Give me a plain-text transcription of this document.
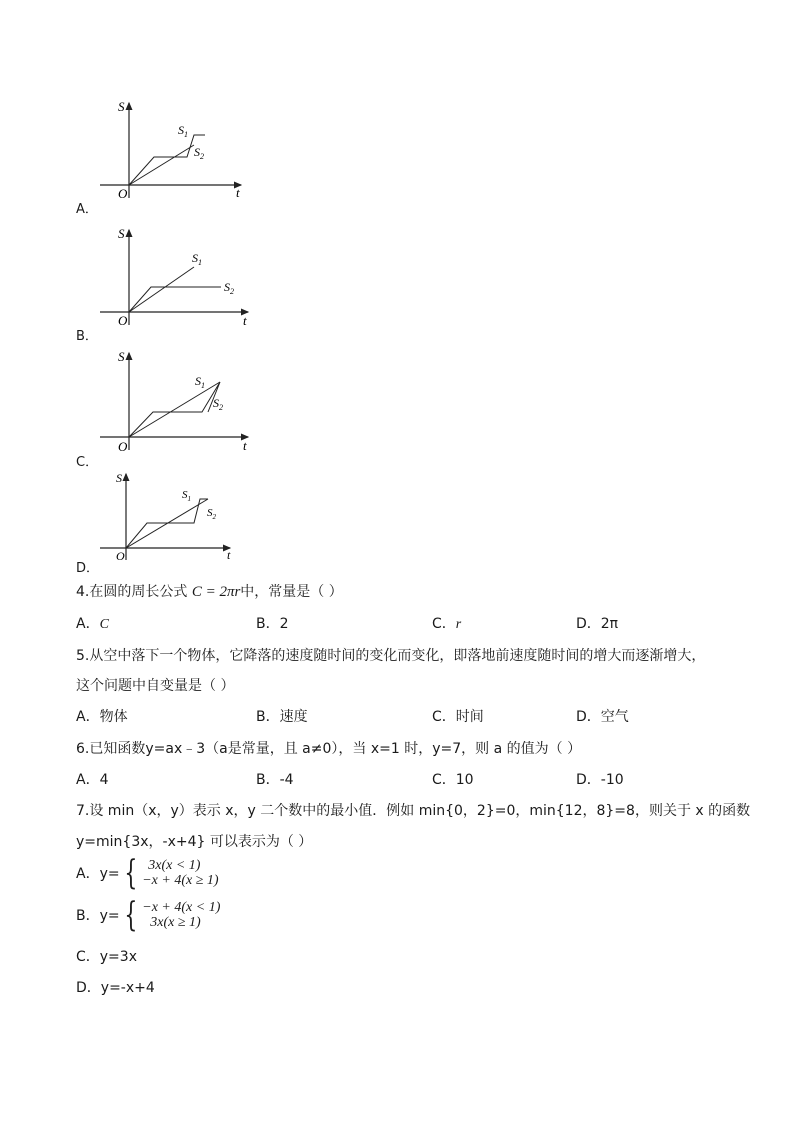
A．
S
t
O
$S_1$
$S_2$
B．
S
t
O
$S_1$
$S_2$
C．
S
t
O
$S_1$
$S_2$
D．
S
t
O
$S_1$
$S_2$
4.在圆的周长公式 C = 2πr中，常量是（ ）
A．C	B．2	C．r	D．2π
5.从空中落下一个物体，它降落的速度随时间的变化而变化，即落地前速度随时间的增大而逐渐增大，
这个问题中自变量是（ ）
A．物体	B．速度	C．时间	D．空气
6.已知函数y=ax﹣3（a是常量，且 a≠0），当 x=1 时，y=7，则 a 的值为（ ）
A．4	B．-4	C．10	D．-10
7.设 min（x，y）表示 x，y 二个数中的最小值．例如 min{0，2}=0，min{12，8}=8，则关于 x 的函数
y=min{3x，-x+4} 可以表示为（ ）
A．y= { 3x(x < 1)
−x + 4(x ≥ 1)
B．y= { −x + 4(x < 1)
3x(x ≥ 1)
C．y=3x
D．y=-x+4
